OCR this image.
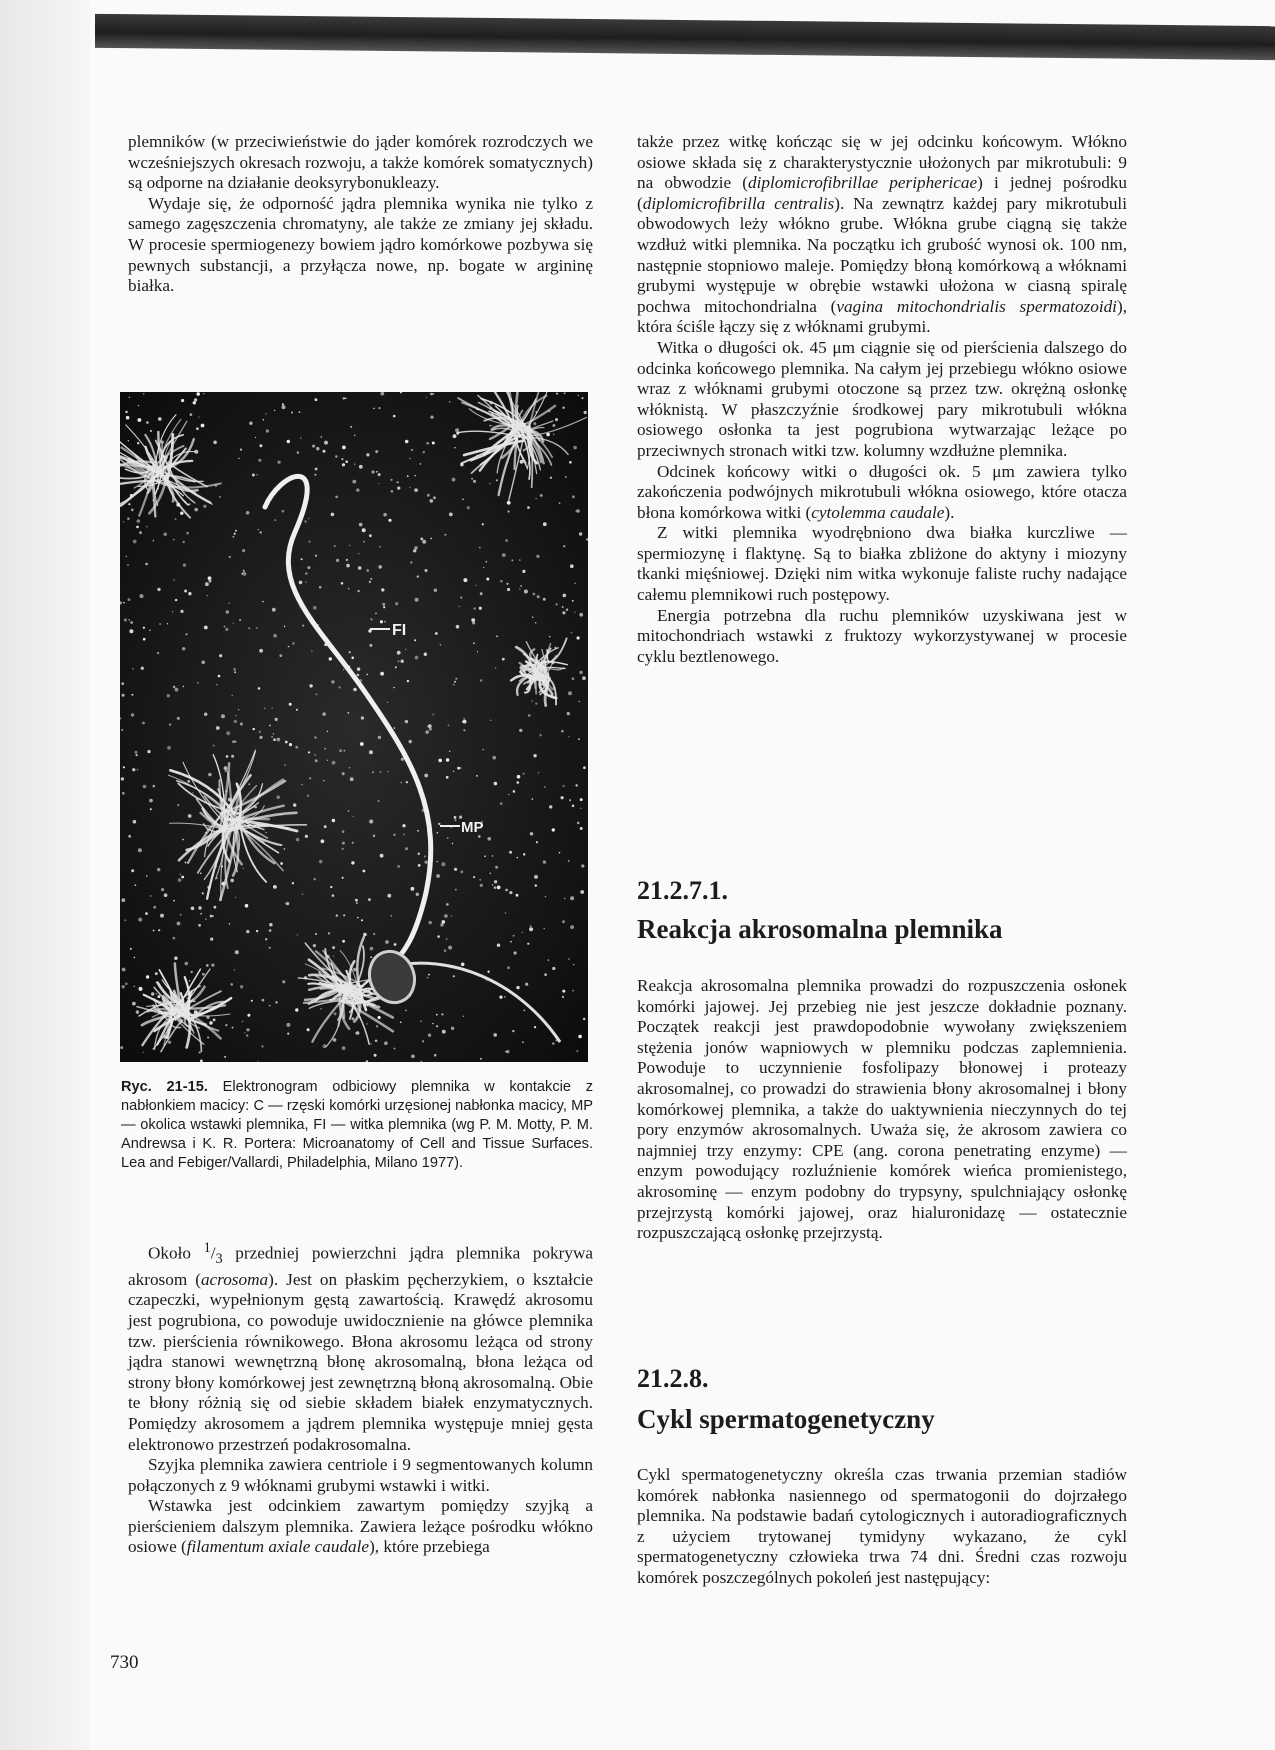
plemników (w przeciwieństwie do jąder komórek rozrodczych we wcześniejszych okresach rozwoju, a także komórek somatycznych) są odporne na działanie deoksyrybonukleazy.

Wydaje się, że odporność jądra plemnika wynika nie tylko z samego zagęszczenia chromatyny, ale także ze zmiany jej składu. W procesie spermiogenezy bowiem jądro komórkowe pozbywa się pewnych substancji, a przyłącza nowe, np. bogate w argininę białka.

FI
MP
Ryc. 21-15. Elektronogram odbiciowy plemnika w kontakcie z nabłonkiem macicy: C — rzęski komórki urzęsionej nabłonka macicy, MP — okolica wstawki plemnika, FI — witka plemnika (wg P. M. Motty, P. M. Andrewsa i K. R. Portera: Microanatomy of Cell and Tissue Surfaces. Lea and Febiger/Vallardi, Philadelphia, Milano 1977).

Około $^1/_3$ przedniej powierzchni jądra plemnika pokrywa akrosom (acrosoma). Jest on płaskim pęcherzykiem, o kształcie czapeczki, wypełnionym gęstą zawartością. Krawędź akrosomu jest pogrubiona, co powoduje uwidocznienie na główce plemnika tzw. pierścienia równikowego. Błona akrosomu leżąca od strony jądra stanowi wewnętrzną błonę akrosomalną, błona leżąca od strony błony komórkowej jest zewnętrzną błoną akrosomalną. Obie te błony różnią się od siebie składem białek enzymatycznych. Pomiędzy akrosomem a jądrem plemnika występuje mniej gęsta elektronowo przestrzeń podakrosomalna.

Szyjka plemnika zawiera centriole i 9 segmentowanych kolumn połączonych z 9 włóknami grubymi wstawki i witki.

Wstawka jest odcinkiem zawartym pomiędzy szyjką a pierścieniem dalszym plemnika. Zawiera leżące pośrodku włókno osiowe (filamentum axiale caudale), które przebiega

także przez witkę kończąc się w jej odcinku końcowym. Włókno osiowe składa się z charakterystycznie ułożonych par mikrotubuli: 9 na obwodzie (diplomicrofibrillae periphericae) i jednej pośrodku (diplomicrofibrilla centralis). Na zewnątrz każdej pary mikrotubuli obwodowych leży włókno grube. Włókna grube ciągną się także wzdłuż witki plemnika. Na początku ich grubość wynosi ok. 100 nm, następnie stopniowo maleje. Pomiędzy błoną komórkową a włóknami grubymi występuje w obrębie wstawki ułożona w ciasną spiralę pochwa mitochondrialna (vagina mitochondrialis spermatozoidi), która ściśle łączy się z włóknami grubymi.

Witka o długości ok. 45 μm ciągnie się od pierścienia dalszego do odcinka końcowego plemnika. Na całym jej przebiegu włókno osiowe wraz z włóknami grubymi otoczone są przez tzw. okrężną osłonkę włóknistą. W płaszczyźnie środkowej pary mikrotubuli włókna osiowego osłonka ta jest pogrubiona wytwarzając leżące po przeciwnych stronach witki tzw. kolumny wzdłużne plemnika.

Odcinek końcowy witki o długości ok. 5 μm zawiera tylko zakończenia podwójnych mikrotubuli włókna osiowego, które otacza błona komórkowa witki (cytolemma caudale).

Z witki plemnika wyodrębniono dwa białka kurczliwe — spermiozynę i flaktynę. Są to białka zbliżone do aktyny i miozyny tkanki mięśniowej. Dzięki nim witka wykonuje faliste ruchy nadające całemu plemnikowi ruch postępowy.

Energia potrzebna dla ruchu plemników uzyskiwana jest w mitochondriach wstawki z fruktozy wykorzystywanej w procesie cyklu beztlenowego.

21.2.7.1.
Reakcja akrosomalna plemnika

Reakcja akrosomalna plemnika prowadzi do rozpuszczenia osłonek komórki jajowej. Jej przebieg nie jest jeszcze dokładnie poznany. Początek reakcji jest prawdopodobnie wywołany zwiększeniem stężenia jonów wapniowych w plemniku podczas zaplemnienia. Powoduje to uczynnienie fosfolipazy błonowej i proteazy akrosomalnej, co prowadzi do strawienia błony akrosomalnej i błony komórkowej plemnika, a także do uaktywnienia nieczynnych do tej pory enzymów akrosomalnych. Uważa się, że akrosom zawiera co najmniej trzy enzymy: CPE (ang. corona penetrating enzyme) — enzym powodujący rozluźnienie komórek wieńca promienistego, akrosominę — enzym podobny do trypsyny, spulchniający osłonkę przejrzystą komórki jajowej, oraz hialuronidazę — ostatecznie rozpuszczającą osłonkę przejrzystą.

21.2.8.
Cykl spermatogenetyczny

Cykl spermatogenetyczny określa czas trwania przemian stadiów komórek nabłonka nasiennego od spermatogonii do dojrzałego plemnika. Na podstawie badań cytologicznych i autoradiograficznych z użyciem trytowanej tymidyny wykazano, że cykl spermatogenetyczny człowieka trwa 74 dni. Średni czas rozwoju komórek poszczególnych pokoleń jest następujący:

730
